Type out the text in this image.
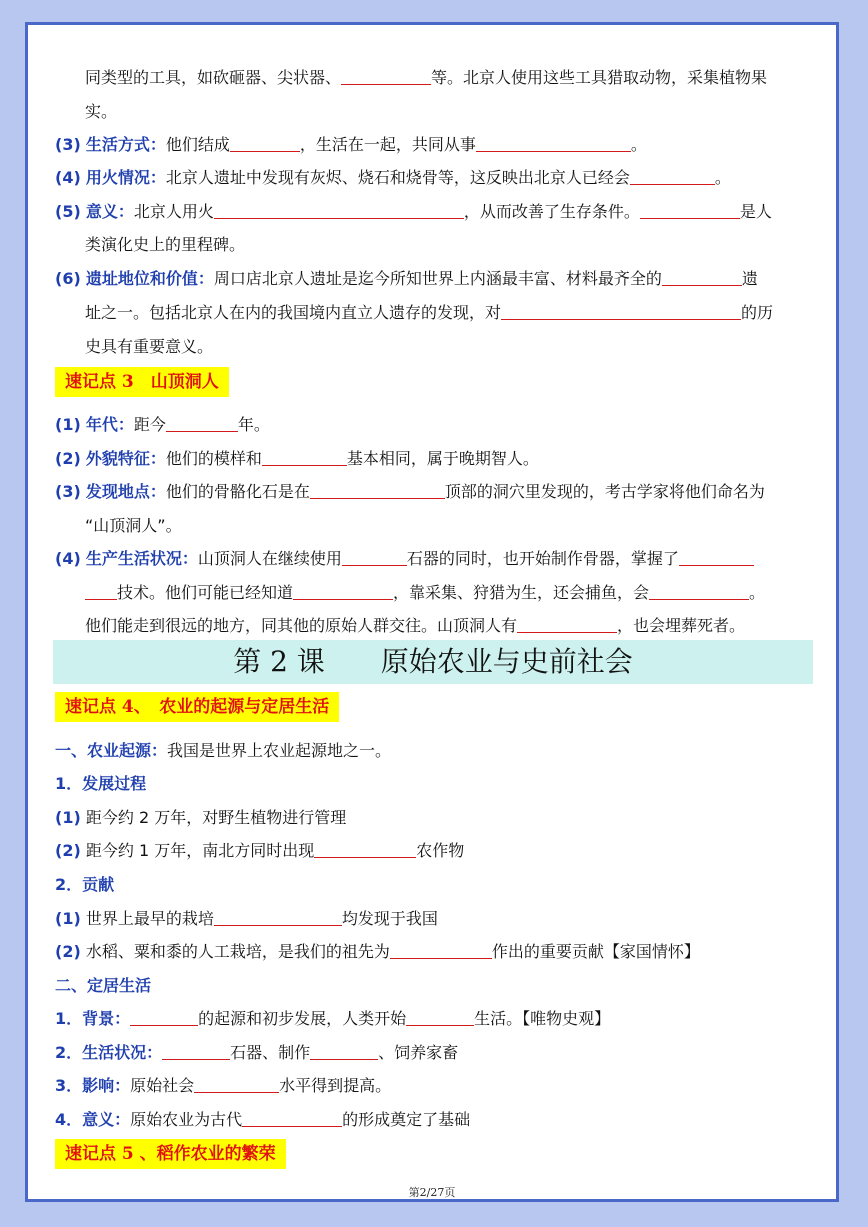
同类型的工具，如砍砸器、尖状器、	等。北京人使用这些工具猎取动物，采集植物果
实。
(3) 生活方式：他们结成	，生活在一起，共同从事	。
(4) 用火情况：北京人遗址中发现有灰烬、烧石和烧骨等，这反映出北京人已经会	。
(5) 意义：北京人用火	，从而改善了生存条件。	是人
类演化史上的里程碑。
(6) 遗址地位和价值：周口店北京人遗址是迄今所知世界上内涵最丰富、材料最齐全的	遗
址之一。包括北京人在内的我国境内直立人遗存的发现，对	的历
史具有重要意义。
速记点 3　山顶洞人
(1) 年代：距今	年。
(2) 外貌特征：他们的模样和	基本相同，属于晚期智人。
(3) 发现地点：他们的骨骼化石是在	顶部的洞穴里发现的，考古学家将他们命名为
“山顶洞人”。
(4) 生产生活状况：山顶洞人在继续使用	石器的同时，也开始制作骨器，掌握了
技术。他们可能已经知道	，靠采集、狩猎为生，还会捕鱼，会	。
他们能走到很远的地方，同其他的原始人群交往。山顶洞人有	，也会埋葬死者。
第 2 课　　原始农业与史前社会
速记点 4、　农业的起源与定居生活
一、农业起源：我国是世界上农业起源地之一。
1．发展过程
(1) 距今约 2 万年，对野生植物进行管理
(2) 距今约 1 万年，南北方同时出现	农作物
2．贡献
(1) 世界上最早的栽培	均发现于我国
(2) 水稻、粟和黍的人工栽培，是我们的祖先为	作出的重要贡献【家国情怀】
二、定居生活
1．背景：	的起源和初步发展，人类开始	生活。【唯物史观】
2．生活状况：	石器、制作	、饲养家畜
3．影响：原始社会	水平得到提高。
4．意义：原始农业为古代	的形成奠定了基础
速记点 5 、稻作农业的繁荣
第2/27页
